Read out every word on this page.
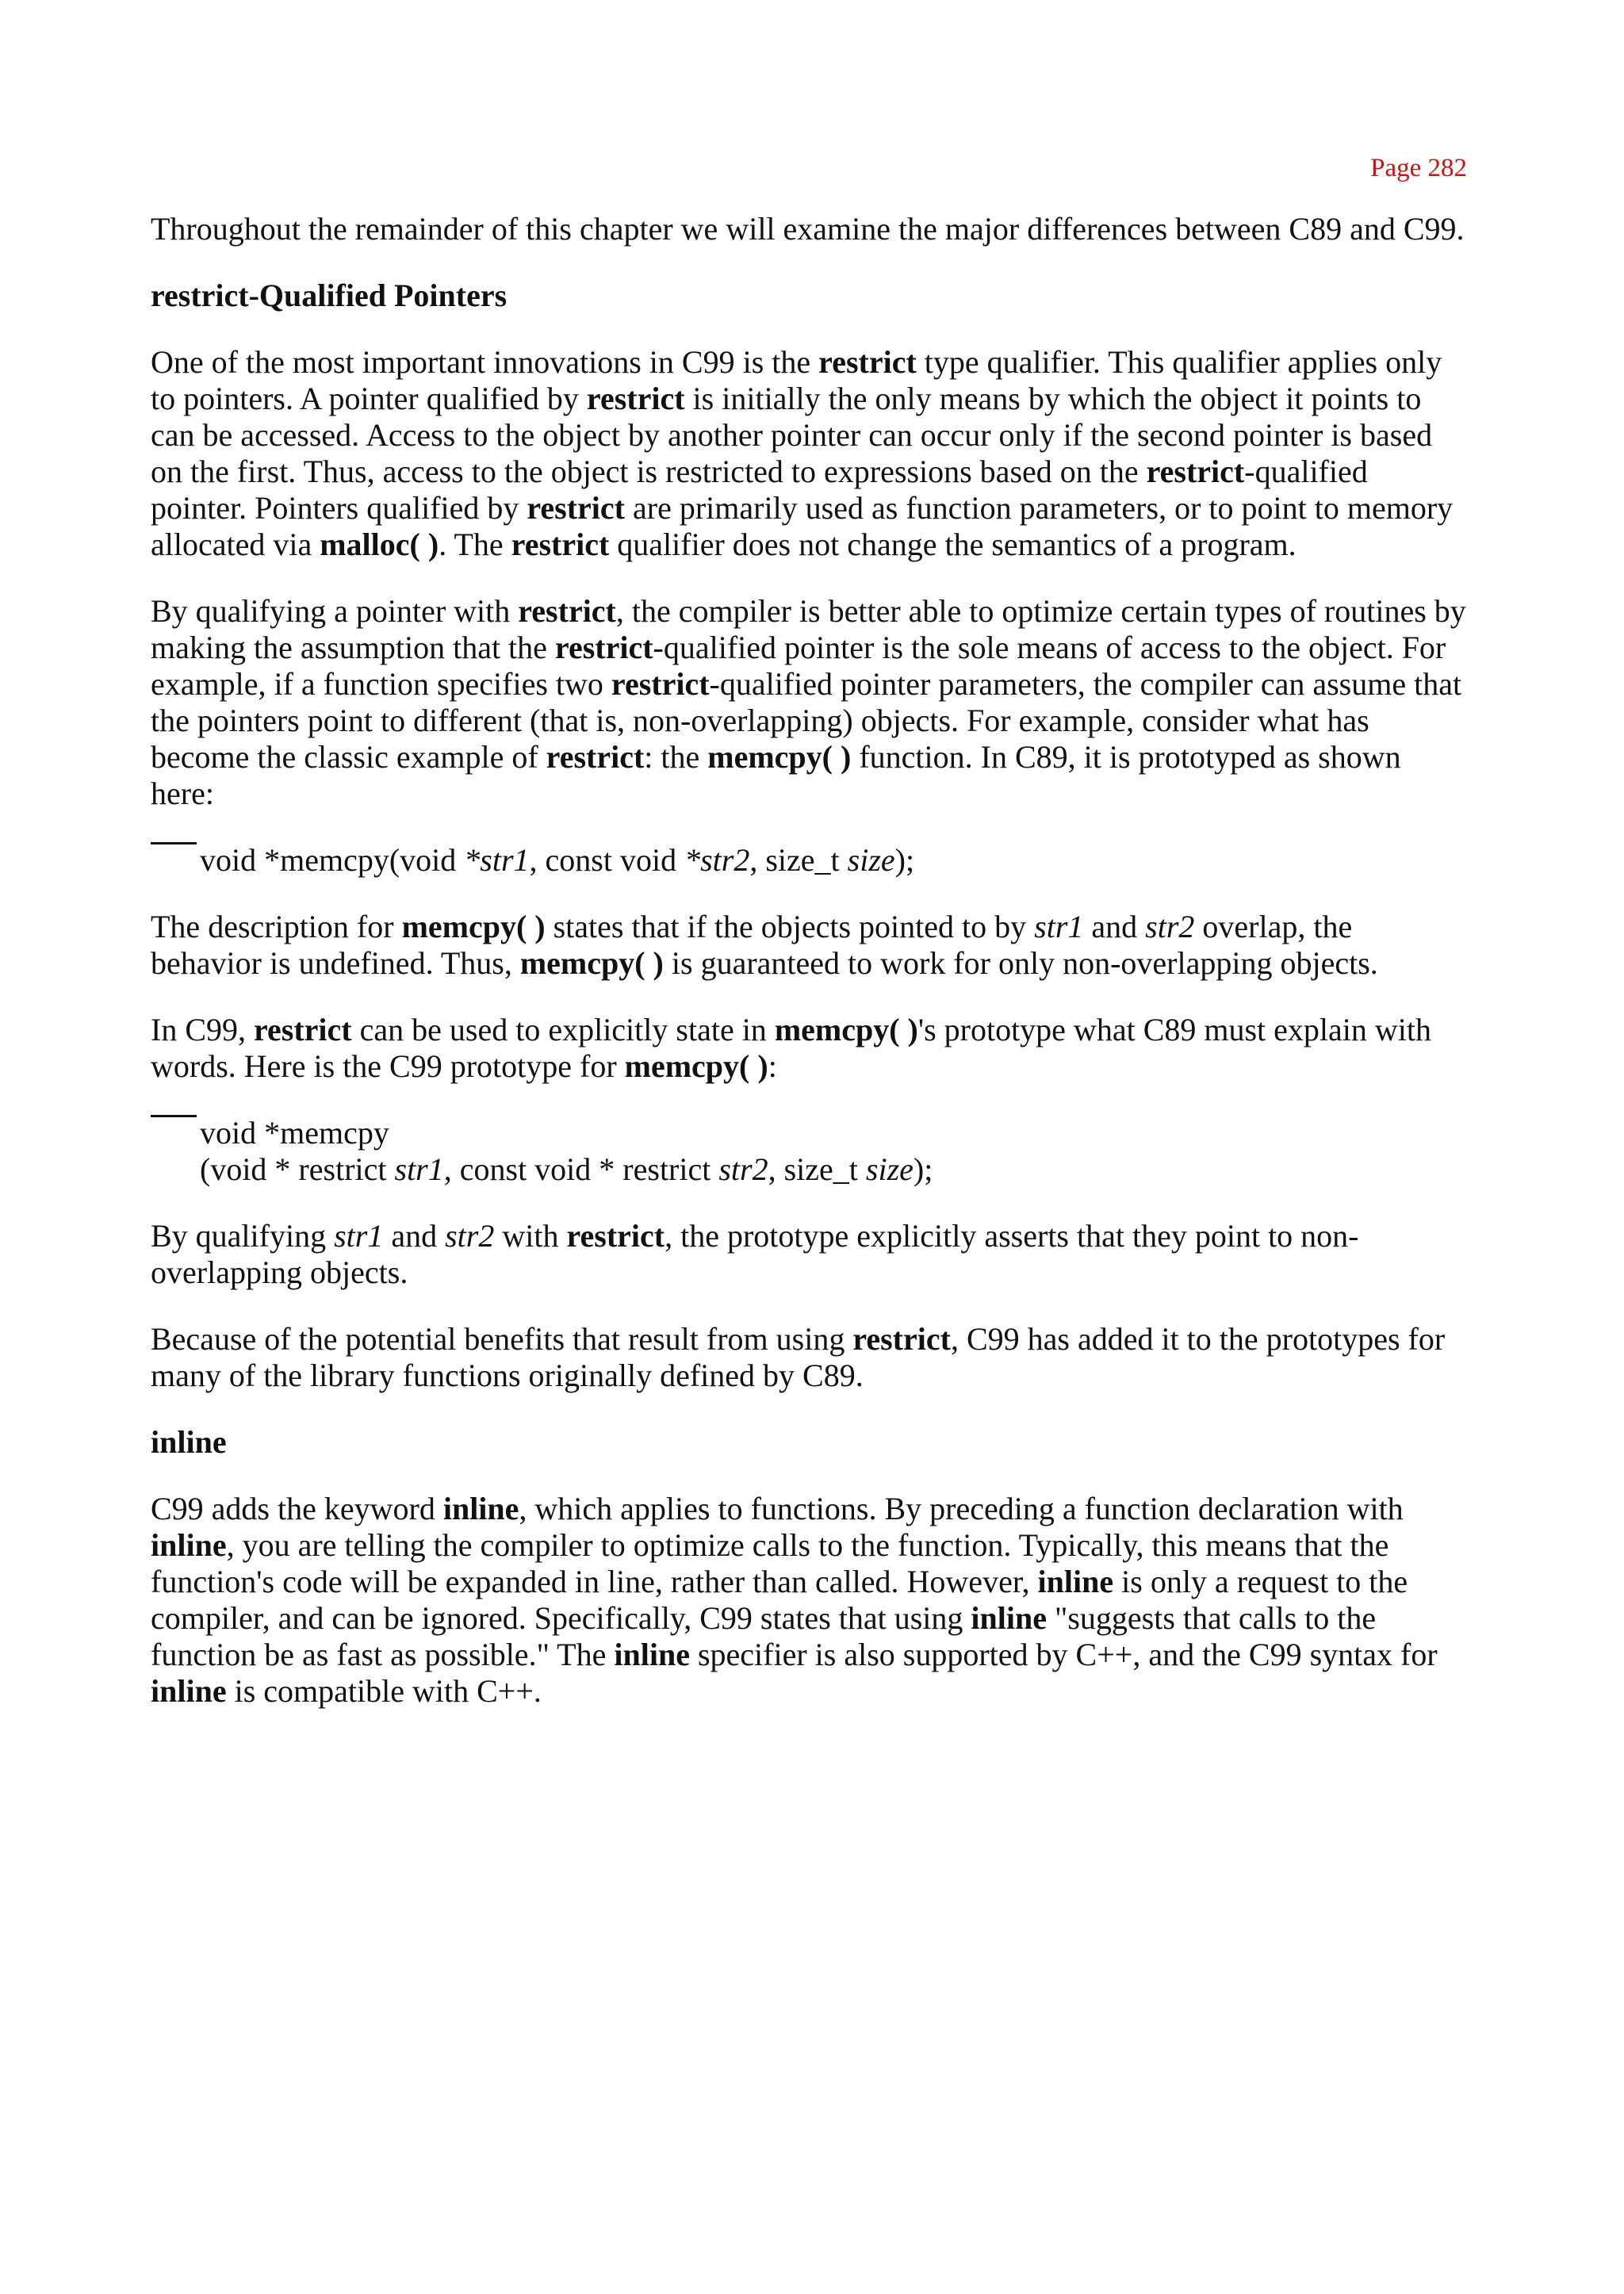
Page 282

Throughout the remainder of this chapter we will examine the major differences between C89 and C99.

restrict-Qualified Pointers

One of the most important innovations in C99 is the restrict type qualifier. This qualifier applies only to pointers. A pointer qualified by restrict is initially the only means by which the object it points to can be accessed. Access to the object by another pointer can occur only if the second pointer is based on the first. Thus, access to the object is restricted to expressions based on the restrict-qualified pointer. Pointers qualified by restrict are primarily used as function parameters, or to point to memory allocated via malloc( ). The restrict qualifier does not change the semantics of a program.

By qualifying a pointer with restrict, the compiler is better able to optimize certain types of routines by making the assumption that the restrict-qualified pointer is the sole means of access to the object. For example, if a function specifies two restrict-qualified pointer parameters, the compiler can assume that the pointers point to different (that is, non-overlapping) objects. For example, consider what has become the classic example of restrict: the memcpy( ) function. In C89, it is prototyped as shown here:

void *memcpy(void *str1, const void *str2, size_t size);

The description for memcpy( ) states that if the objects pointed to by str1 and str2 overlap, the behavior is undefined. Thus, memcpy( ) is guaranteed to work for only non-overlapping objects.

In C99, restrict can be used to explicitly state in memcpy( )'s prototype what C89 must explain with words. Here is the C99 prototype for memcpy( ):

void *memcpy
(void * restrict str1, const void * restrict str2, size_t size);

By qualifying str1 and str2 with restrict, the prototype explicitly asserts that they point to non-overlapping objects.

Because of the potential benefits that result from using restrict, C99 has added it to the prototypes for many of the library functions originally defined by C89.

inline

C99 adds the keyword inline, which applies to functions. By preceding a function declaration with inline, you are telling the compiler to optimize calls to the function. Typically, this means that the function's code will be expanded in line, rather than called. However, inline is only a request to the compiler, and can be ignored. Specifically, C99 states that using inline "suggests that calls to the function be as fast as possible." The inline specifier is also supported by C++, and the C99 syntax for inline is compatible with C++.
